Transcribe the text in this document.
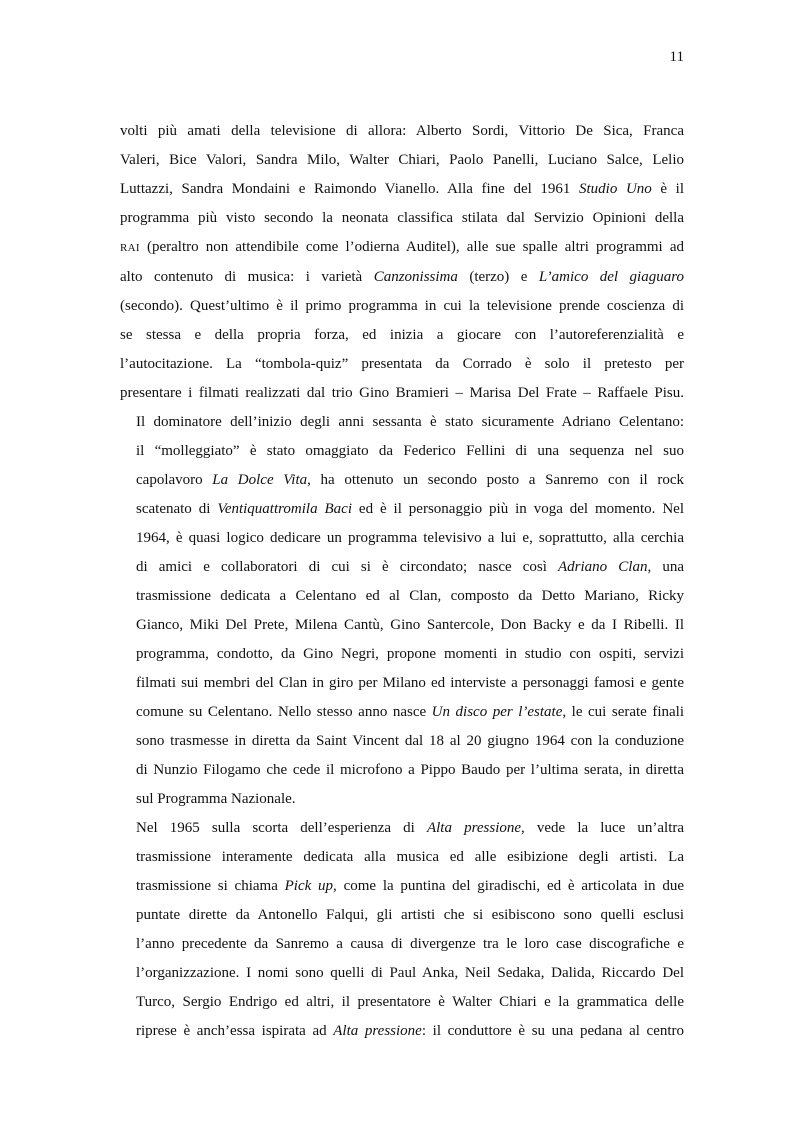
11
volti più amati della televisione di allora: Alberto Sordi, Vittorio De Sica, Franca
Valeri, Bice Valori, Sandra Milo, Walter Chiari, Paolo Panelli, Luciano Salce, Lelio
Luttazzi, Sandra Mondaini e Raimondo Vianello. Alla fine del 1961 Studio Uno è il
programma più visto secondo la neonata classifica stilata dal Servizio Opinioni della
RAI (peraltro non attendibile come l’odierna Auditel), alle sue spalle altri programmi ad
alto contenuto di musica: i varietà Canzonissima (terzo) e L’amico del giaguaro
(secondo). Quest’ultimo è il primo programma in cui la televisione prende coscienza di
se stessa e della propria forza, ed inizia a giocare con l’autoreferenzialità e
l’autocitazione. La “tombola-quiz” presentata da Corrado è solo il pretesto per
presentare i filmati realizzati dal trio Gino Bramieri – Marisa Del Frate – Raffaele Pisu.
Il dominatore dell’inizio degli anni sessanta è stato sicuramente Adriano Celentano:
il “molleggiato” è stato omaggiato da Federico Fellini di una sequenza nel suo
capolavoro La Dolce Vita, ha ottenuto un secondo posto a Sanremo con il rock
scatenato di Ventiquattromila Baci ed è il personaggio più in voga del momento. Nel
1964, è quasi logico dedicare un programma televisivo a lui e, soprattutto, alla cerchia
di amici e collaboratori di cui si è circondato; nasce così Adriano Clan, una
trasmissione dedicata a Celentano ed al Clan, composto da Detto Mariano, Ricky
Gianco, Miki Del Prete, Milena Cantù, Gino Santercole, Don Backy e da I Ribelli. Il
programma, condotto, da Gino Negri, propone momenti in studio con ospiti, servizi
filmati sui membri del Clan in giro per Milano ed interviste a personaggi famosi e gente
comune su Celentano. Nello stesso anno nasce Un disco per l’estate, le cui serate finali
sono trasmesse in diretta da Saint Vincent dal 18 al 20 giugno 1964 con la conduzione
di Nunzio Filogamo che cede il microfono a Pippo Baudo per l’ultima serata, in diretta
sul Programma Nazionale.
Nel 1965 sulla scorta dell’esperienza di Alta pressione, vede la luce un’altra
trasmissione interamente dedicata alla musica ed alle esibizione degli artisti. La
trasmissione si chiama Pick up, come la puntina del giradischi, ed è articolata in due
puntate dirette da Antonello Falqui, gli artisti che si esibiscono sono quelli esclusi
l’anno precedente da Sanremo a causa di divergenze tra le loro case discografiche e
l’organizzazione. I nomi sono quelli di Paul Anka, Neil Sedaka, Dalida, Riccardo Del
Turco, Sergio Endrigo ed altri, il presentatore è Walter Chiari e la grammatica delle
riprese è anch’essa ispirata ad Alta pressione: il conduttore è su una pedana al centro
